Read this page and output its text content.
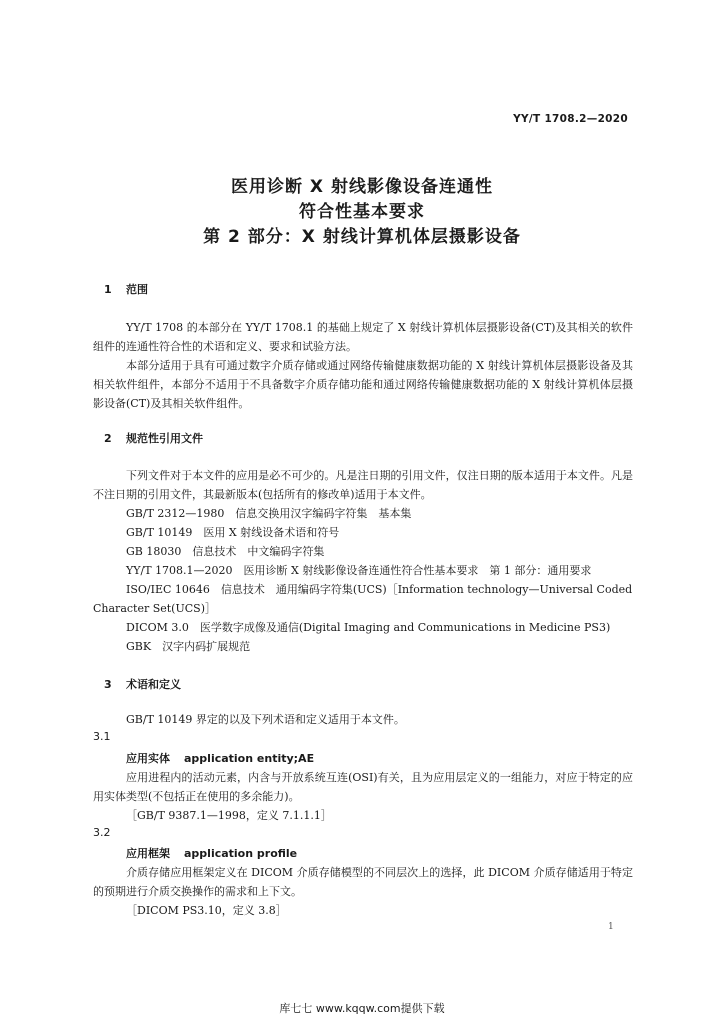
YY/T 1708.2—2020
医用诊断 X 射线影像设备连通性
符合性基本要求
第 2 部分：X 射线计算机体层摄影设备
1 范围
YY/T 1708 的本部分在 YY/T 1708.1 的基础上规定了 X 射线计算机体层摄影设备(CT)及其相关的软件组件的连通性符合性的术语和定义、要求和试验方法。
本部分适用于具有可通过数字介质存储或通过网络传输健康数据功能的 X 射线计算机体层摄影设备及其相关软件组件，本部分不适用于不具备数字介质存储功能和通过网络传输健康数据功能的 X 射线计算机体层摄影设备(CT)及其相关软件组件。
2 规范性引用文件
下列文件对于本文件的应用是必不可少的。凡是注日期的引用文件，仅注日期的版本适用于本文件。凡是不注日期的引用文件，其最新版本(包括所有的修改单)适用于本文件。
GB/T 2312—1980　信息交换用汉字编码字符集　基本集
GB/T 10149　医用 X 射线设备术语和符号
GB 18030　信息技术　中文编码字符集
YY/T 1708.1—2020　医用诊断 X 射线影像设备连通性符合性基本要求　第 1 部分：通用要求
ISO/IEC 10646　信息技术　通用编码字符集(UCS)［Information technology—Universal Coded
Character Set(UCS)］
DICOM 3.0　医学数字成像及通信(Digital Imaging and Communications in Medicine PS3)
GBK　汉字内码扩展规范
3 术语和定义
GB/T 10149 界定的以及下列术语和定义适用于本文件。
3.1
应用实体 application entity;AE
应用进程内的活动元素，内含与开放系统互连(OSI)有关，且为应用层定义的一组能力，对应于特定的应用实体类型(不包括正在使用的多余能力)。
［GB/T 9387.1—1998，定义 7.1.1.1］
3.2
应用框架 application profile
介质存储应用框架定义在 DICOM 介质存储模型的不同层次上的选择，此 DICOM 介质存储适用于特定的预期进行介质交换操作的需求和上下文。
［DICOM PS3.10，定义 3.8］
1
库七七 www.kqqw.com提供下载
